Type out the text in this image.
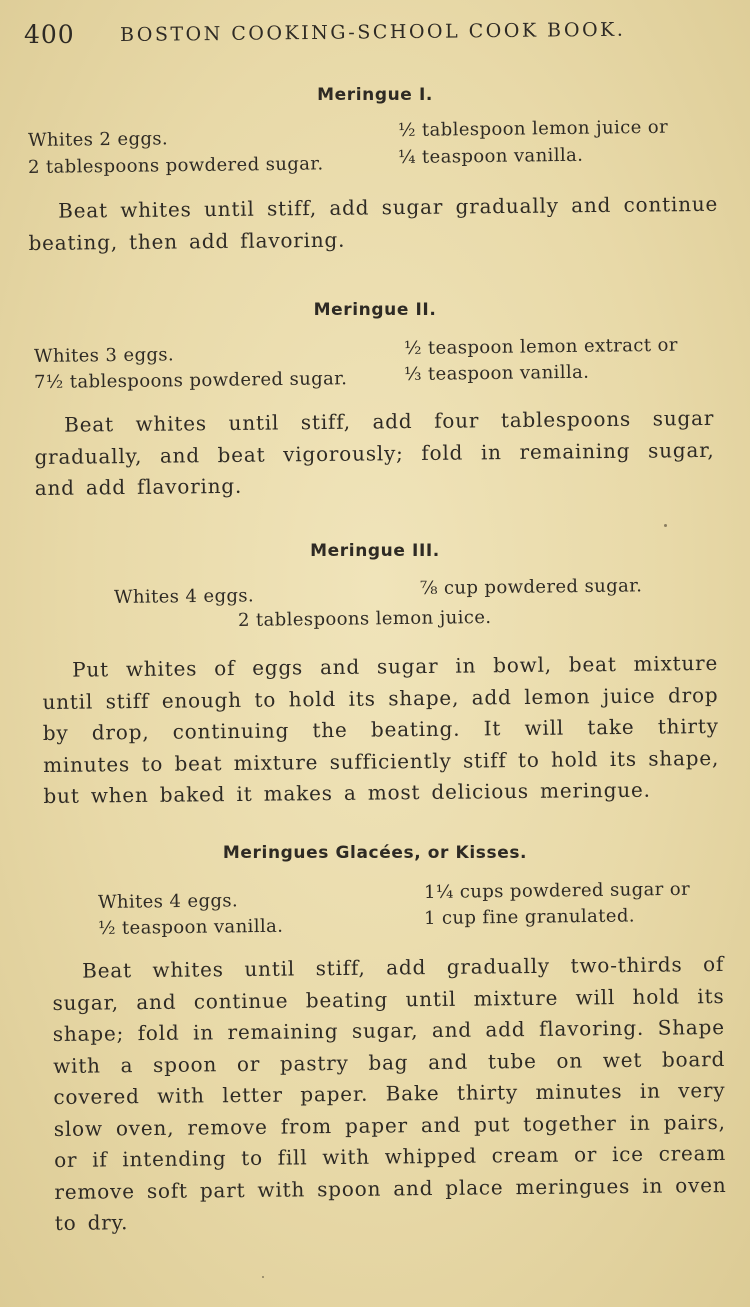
400 BOSTON COOKING-SCHOOL COOK BOOK.
Meringue I.
Whites 2 eggs.
2 tablespoons powdered sugar.
½ tablespoon lemon juice or
¼ teaspoon vanilla.
Beat whites until stiff, add sugar gradually and continue beating, then add flavoring.
Meringue II.
Whites 3 eggs.
7½ tablespoons powdered sugar.
½ teaspoon lemon extract or
⅓ teaspoon vanilla.
Beat whites until stiff, add four tablespoons sugar gradually, and beat vigorously; fold in remaining sugar, and add flavoring.
Meringue III.
Whites 4 eggs.	⅞ cup powdered sugar.
2 tablespoons lemon juice.
Put whites of eggs and sugar in bowl, beat mixture until stiff enough to hold its shape, add lemon juice drop by drop, continuing the beating. It will take thirty minutes to beat mixture sufficiently stiff to hold its shape, but when baked it makes a most delicious meringue.
Meringues Glacées, or Kisses.
Whites 4 eggs.
½ teaspoon vanilla.
1¼ cups powdered sugar or
1 cup fine granulated.
Beat whites until stiff, add gradually two-thirds of sugar, and continue beating until mixture will hold its shape; fold in remaining sugar, and add flavoring. Shape with a spoon or pastry bag and tube on wet board covered with letter paper. Bake thirty minutes in very slow oven, remove from paper and put together in pairs, or if intending to fill with whipped cream or ice cream remove soft part with spoon and place meringues in oven to dry.
